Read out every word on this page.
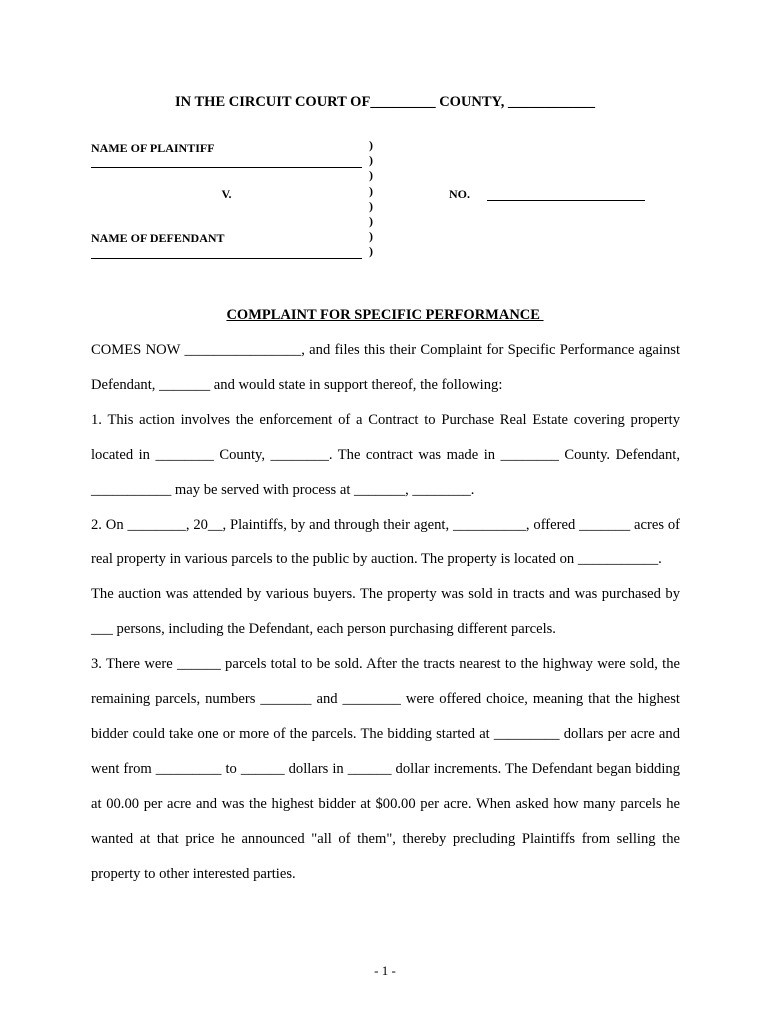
IN THE CIRCUIT COURT OF_________ COUNTY, ____________
NAME OF PLAINTIFF
V.
NAME OF DEFENDANT
)
)
)
)
)
)
)
)
NO.
COMPLAINT FOR SPECIFIC PERFORMANCE

COMES NOW ________________, and files this their Complaint for Specific Performance against Defendant, _______ and would state in support thereof, the following:

1. This action involves the enforcement of a Contract to Purchase Real Estate covering property located in ________ County, ________. The contract was made in ________ County. Defendant, ___________ may be served with process at _______, ________.

2. On ________, 20__, Plaintiffs, by and through their agent, __________, offered _______ acres of real property in various parcels to the public by auction. The property is located on ___________.

The auction was attended by various buyers. The property was sold in tracts and was purchased by ___ persons, including the Defendant, each person purchasing different parcels.

3. There were ______ parcels total to be sold. After the tracts nearest to the highway were sold, the remaining parcels, numbers _______ and ________ were offered choice, meaning that the highest bidder could take one or more of the parcels. The bidding started at _________ dollars per acre and went from _________ to ______ dollars in ______ dollar increments. The Defendant began bidding at 00.00 per acre and was the highest bidder at $00.00 per acre. When asked how many parcels he wanted at that price he announced "all of them", thereby precluding Plaintiffs from selling the property to other interested parties.

- 1 -
